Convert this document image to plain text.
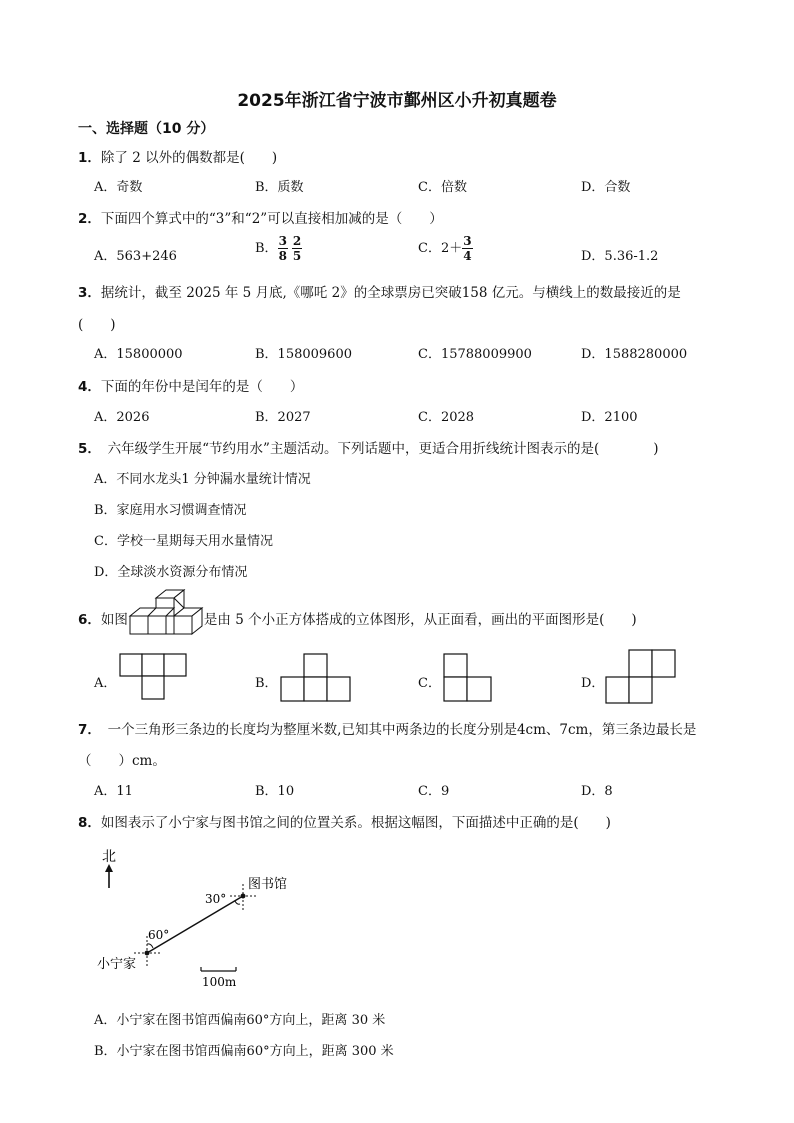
2025年浙江省宁波市鄞州区小升初真题卷
一、选择题（10 分）
1．除了 2 以外的偶数都是(　　)
A．奇数	B．质数	C．倍数	D．合数
2．下面四个算式中的“3”和“2”可以直接相加减的是（　　）
A．563+246
B． $\frac{3}{8} \frac{2}{5}$	C．$2+ \frac{3}{4}$	D．5.36-1.2
3．据统计，截至 2025 年 5 月底,《哪吒 2》的全球票房已突破158 亿元。与横线上的数最接近的是
(　　)
A．15800000	B．158009600	C．15788009900	D．1588280000
4．下面的年份中是闰年的是（　　）
A．2026	B．2027	C．2028	D．2100
5．　六年级学生开展“节约用水”主题活动。下列话题中，更适合用折线统计图表示的是(　　　　)
A．不同水龙头1 分钟漏水量统计情况
B．家庭用水习惯调查情况
C．学校一星期每天用水量情况
D．全球淡水资源分布情况
6．如图	是由 5 个小正方体搭成的立体图形，从正面看，画出的平面图形是(　　)
A．	B．	C．	D．
7．　一个三角形三条边的长度均为整厘米数,已知其中两条边的长度分别是4cm、7cm，第三条边最长是
（　　）cm。
A．11	B．10	C．9	D．8
8．如图表示了小宁家与图书馆之间的位置关系。根据这幅图，下面描述中正确的是(　　)
北
图书馆
30°
小宁家
60°
100m
A．小宁家在图书馆西偏南60°方向上，距离 30 米
B．小宁家在图书馆西偏南60°方向上，距离 300 米
